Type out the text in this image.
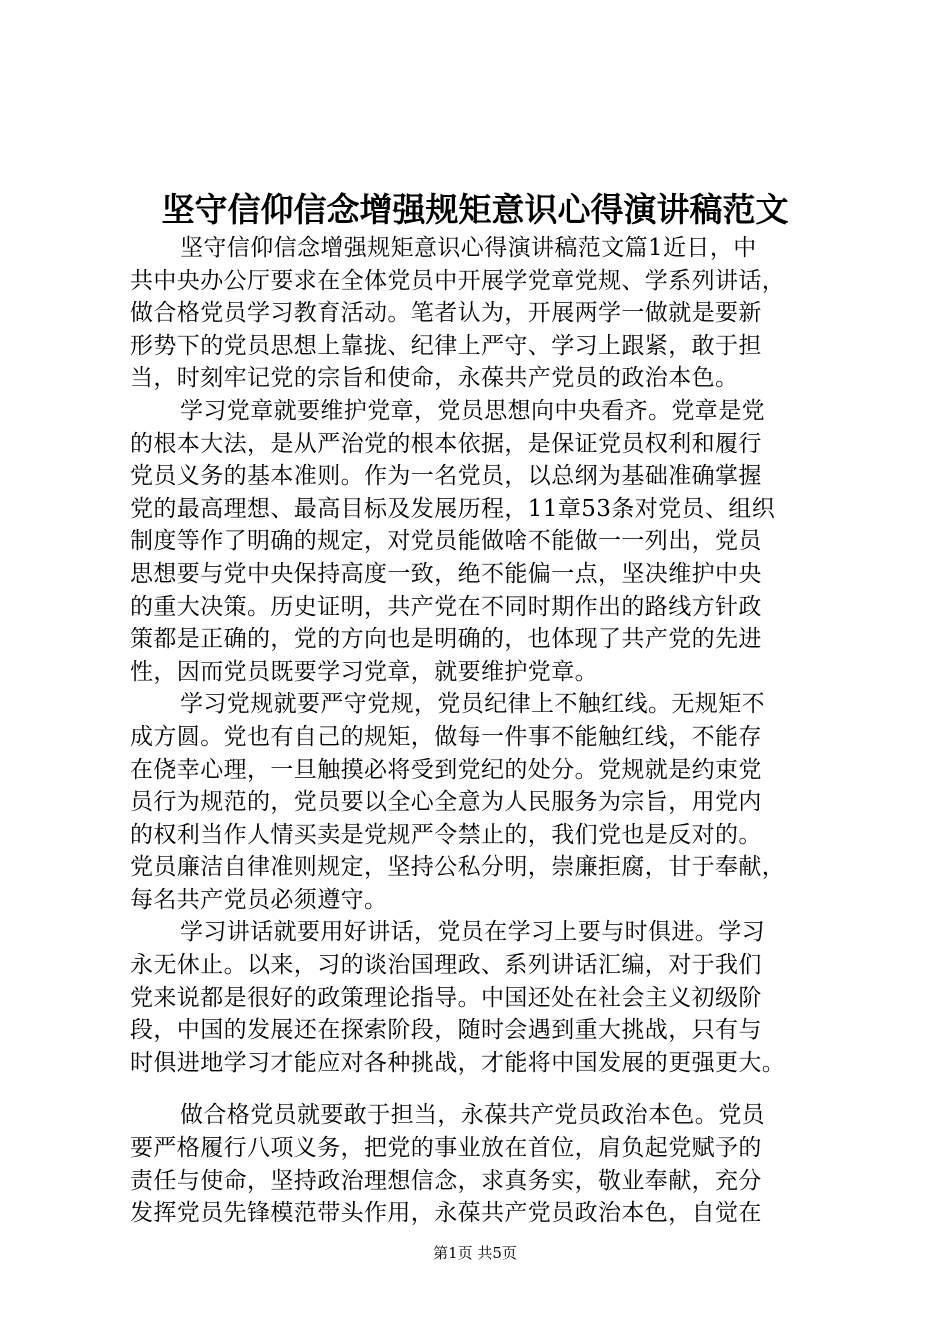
坚守信仰信念增强规矩意识心得演讲稿范文
坚守信仰信念增强规矩意识心得演讲稿范文篇1近日，中
共中央办公厅要求在全体党员中开展学党章党规、学系列讲话，
做合格党员学习教育活动。笔者认为，开展两学一做就是要新
形势下的党员思想上靠拢、纪律上严守、学习上跟紧，敢于担
当，时刻牢记党的宗旨和使命，永葆共产党员的政治本色。
学习党章就要维护党章，党员思想向中央看齐。党章是党
的根本大法，是从严治党的根本依据，是保证党员权利和履行
党员义务的基本准则。作为一名党员，以总纲为基础准确掌握
党的最高理想、最高目标及发展历程，11章53条对党员、组织
制度等作了明确的规定，对党员能做啥不能做一一列出，党员
思想要与党中央保持高度一致，绝不能偏一点，坚决维护中央
的重大决策。历史证明，共产党在不同时期作出的路线方针政
策都是正确的，党的方向也是明确的，也体现了共产党的先进
性，因而党员既要学习党章，就要维护党章。
学习党规就要严守党规，党员纪律上不触红线。无规矩不
成方圆。党也有自己的规矩，做每一件事不能触红线，不能存
在侥幸心理，一旦触摸必将受到党纪的处分。党规就是约束党
员行为规范的，党员要以全心全意为人民服务为宗旨，用党内
的权利当作人情买卖是党规严令禁止的，我们党也是反对的。
党员廉洁自律准则规定，坚持公私分明，崇廉拒腐，甘于奉献，
每名共产党员必须遵守。
学习讲话就要用好讲话，党员在学习上要与时俱进。学习
永无休止。以来，习的谈治国理政、系列讲话汇编，对于我们
党来说都是很好的政策理论指导。中国还处在社会主义初级阶
段，中国的发展还在探索阶段，随时会遇到重大挑战，只有与
时俱进地学习才能应对各种挑战，才能将中国发展的更强更大。
做合格党员就要敢于担当，永葆共产党员政治本色。党员
要严格履行八项义务，把党的事业放在首位，肩负起党赋予的
责任与使命，坚持政治理想信念，求真务实，敬业奉献，充分
发挥党员先锋模范带头作用，永葆共产党员政治本色，自觉在
第1页 共5页
